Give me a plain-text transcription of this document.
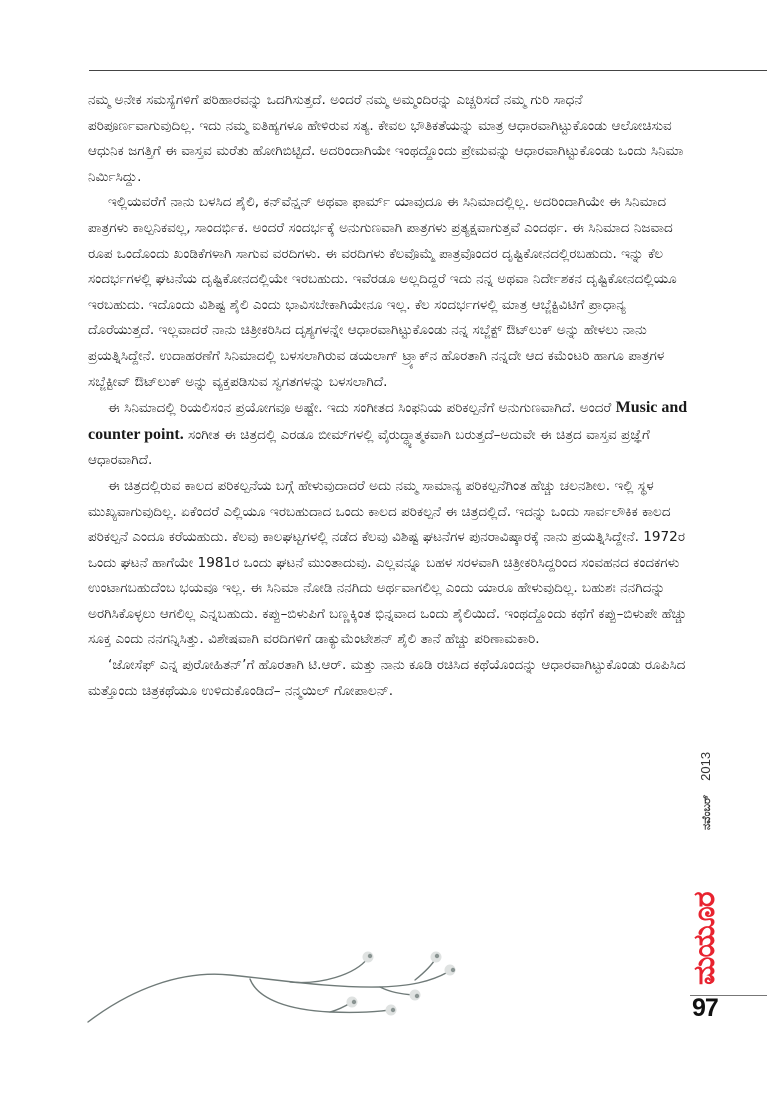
ನಮ್ಮ ಅನೇಕ ಸಮಸ್ಯೆಗಳಿಗೆ ಪರಿಹಾರವನ್ನು ಒದಗಿಸುತ್ತದೆ. ಅಂದರೆ ನಮ್ಮ ಅಮ್ಮಂದಿರನ್ನು ಎಚ್ಚರಿಸದೆ ನಮ್ಮ ಗುರಿ ಸಾಧನೆ ಪರಿಪೂರ್ಣವಾಗುವುದಿಲ್ಲ. ಇದು ನಮ್ಮ ಐತಿಹ್ಯಗಳೂ ಹೇಳಿರುವ ಸತ್ಯ. ಕೇವಲ ಭೌತಿಕತೆಯನ್ನು ಮಾತ್ರ ಆಧಾರವಾಗಿಟ್ಟುಕೊಂಡು ಆಲೋಚಿಸುವ ಆಧುನಿಕ ಜಗತ್ತಿಗೆ ಈ ವಾಸ್ತವ ಮರೆತು ಹೋಗಿಬಿಟ್ಟಿದೆ. ಅದರಿಂದಾಗಿಯೇ ಇಂಥದ್ದೊಂದು ಪ್ರೇಮವನ್ನು ಆಧಾರವಾಗಿಟ್ಟುಕೊಂಡು ಒಂದು ಸಿನಿಮಾ ನಿರ್ಮಿಸಿದ್ದು.

ಇಲ್ಲಿಯವರೆಗೆ ನಾನು ಬಳಸಿದ ಶೈಲಿ, ಕನ್‌ವೆನ್ಷನ್ ಅಥವಾ ಫಾರ್ಮ್ ಯಾವುದೂ ಈ ಸಿನಿಮಾದಲ್ಲಿಲ್ಲ. ಅದರಿಂದಾಗಿಯೇ ಈ ಸಿನಿಮಾದ ಪಾತ್ರಗಳು ಕಾಲ್ಪನಿಕವಲ್ಲ, ಸಾಂದರ್ಭಿಕ. ಅಂದರೆ ಸಂದರ್ಭಕ್ಕೆ ಅನುಗುಣವಾಗಿ ಪಾತ್ರಗಳು ಪ್ರತ್ಯಕ್ಷವಾಗುತ್ತವೆ ಎಂದರ್ಥ. ಈ ಸಿನಿಮಾದ ನಿಜವಾದ ರೂಪ ಒಂದೊಂದು ಖಂಡಿಕೆಗಳಾಗಿ ಸಾಗುವ ವರದಿಗಳು. ಈ ವರದಿಗಳು ಕೆಲವೊಮ್ಮೆ ಪಾತ್ರವೊಂದರ ದೃಷ್ಟಿಕೋನದಲ್ಲಿರಬಹುದು. ಇನ್ನು ಕೆಲ ಸಂದರ್ಭಗಳಲ್ಲಿ ಘಟನೆಯ ದೃಷ್ಟಿಕೋನದಲ್ಲಿಯೇ ಇರಬಹುದು. ಇವೆರಡೂ ಅಲ್ಲದಿದ್ದರೆ ಇದು ನನ್ನ ಅಥವಾ ನಿರ್ದೇಶಕನ ದೃಷ್ಟಿಕೋನದಲ್ಲಿಯೂ ಇರಬಹುದು. ಇದೊಂದು ವಿಶಿಷ್ಟ ಶೈಲಿ ಎಂದು ಭಾವಿಸಬೇಕಾಗಿಯೇನೂ ಇಲ್ಲ. ಕೆಲ ಸಂದರ್ಭಗಳಲ್ಲಿ ಮಾತ್ರ ಆಬ್ಜೆಕ್ಟಿವಿಟಿಗೆ ಪ್ರಾಧಾನ್ಯ ದೊರೆಯುತ್ತದೆ. ಇಲ್ಲವಾದರೆ ನಾನು ಚಿತ್ರೀಕರಿಸಿದ ದೃಶ್ಯಗಳನ್ನೇ ಆಧಾರವಾಗಿಟ್ಟುಕೊಂಡು ನನ್ನ ಸಬ್ಜೆಕ್ಟ್ ಔಟ್‌ಲುಕ್ ಅನ್ನು ಹೇಳಲು ನಾನು ಪ್ರಯತ್ನಿಸಿದ್ದೇನೆ. ಉದಾಹರಣೆಗೆ ಸಿನಿಮಾದಲ್ಲಿ ಬಳಸಲಾಗಿರುವ ಡಯಲಾಗ್ ಟ್ರ್ಯಾಕ್‌ನ ಹೊರತಾಗಿ ನನ್ನದೇ ಆದ ಕಮೆಂಟರಿ ಹಾಗೂ ಪಾತ್ರಗಳ ಸಬ್ಜೆಕ್ಟೀವ್ ಔಟ್‌ಲುಕ್ ಅನ್ನು ವ್ಯಕ್ತಪಡಿಸುವ ಸ್ವಗತಗಳನ್ನು ಬಳಸಲಾಗಿದೆ.

ಈ ಸಿನಿಮಾದಲ್ಲಿ ರಿಯಲಿಸಂನ ಪ್ರಯೋಗವೂ ಅಷ್ಟೇ. ಇದು ಸಂಗೀತದ ಸಿಂಫನಿಯ ಪರಿಕಲ್ಪನೆಗೆ ಅನುಗುಣವಾಗಿದೆ. ಅಂದರೆ Music and counter point. ಸಂಗೀತ ಈ ಚಿತ್ರದಲ್ಲಿ ಎರಡೂ ಬೀಮ್‌ಗಳಲ್ಲಿ ವೈರುದ್ಧ್ಯಾತ್ಮಕವಾಗಿ ಬರುತ್ತದೆ–ಅದುವೇ ಈ ಚಿತ್ರದ ವಾಸ್ತವ ಪ್ರಜ್ಞೆಗೆ ಆಧಾರವಾಗಿದೆ.

ಈ ಚಿತ್ರದಲ್ಲಿರುವ ಕಾಲದ ಪರಿಕಲ್ಪನೆಯ ಬಗ್ಗೆ ಹೇಳುವುದಾದರೆ ಅದು ನಮ್ಮ ಸಾಮಾನ್ಯ ಪರಿಕಲ್ಪನೆಗಿಂತ ಹೆಚ್ಚು ಚಲನಶೀಲ. ಇಲ್ಲಿ ಸ್ಥಳ ಮುಖ್ಯವಾಗುವುದಿಲ್ಲ. ಏಕೆಂದರೆ ಎಲ್ಲಿಯೂ ಇರಬಹುದಾದ ಒಂದು ಕಾಲದ ಪರಿಕಲ್ಪನೆ ಈ ಚಿತ್ರದಲ್ಲಿದೆ. ಇದನ್ನು ಒಂದು ಸಾರ್ವಲೌಕಿಕ ಕಾಲದ ಪರಿಕಲ್ಪನೆ ಎಂದೂ ಕರೆಯಹುದು. ಕೆಲವು ಕಾಲಘಟ್ಟಗಳಲ್ಲಿ ನಡೆದ ಕೆಲವು ವಿಶಿಷ್ಟ ಘಟನೆಗಳ ಪುನರಾವಿಷ್ಕಾರಕ್ಕೆ ನಾನು ಪ್ರಯತ್ನಿಸಿದ್ದೇನೆ. 1972ರ ಒಂದು ಘಟನೆ ಹಾಗೆಯೇ 1981ರ ಒಂದು ಘಟನೆ ಮುಂತಾದುವು. ಎಲ್ಲವನ್ನೂ ಬಹಳ ಸರಳವಾಗಿ ಚಿತ್ರೀಕರಿಸಿದ್ದರಿಂದ ಸಂವಹನದ ಕಂದಕಗಳು ಉಂಟಾಗಬಹುದೆಂಬ ಭಯವೂ ಇಲ್ಲ. ಈ ಸಿನಿಮಾ ನೋಡಿ ನನಗಿದು ಅರ್ಥವಾಗಲಿಲ್ಲ ಎಂದು ಯಾರೂ ಹೇಳುವುದಿಲ್ಲ. ಬಹುಶಃ ನನಗಿದನ್ನು ಅರಗಿಸಿಕೊಳ್ಳಲು ಆಗಲಿಲ್ಲ ಎನ್ನಬಹುದು. ಕಪ್ಪು–ಬಿಳುಪಿಗೆ ಬಣ್ಣಕ್ಕಿಂತ ಭಿನ್ನವಾದ ಒಂದು ಶೈಲಿಯಿದೆ. ಇಂಥದ್ದೊಂದು ಕಥೆಗೆ ಕಪ್ಪು–ಬಿಳುಪೇ ಹೆಚ್ಚು ಸೂಕ್ತ ಎಂದು ನನಗನ್ನಿಸಿತ್ತು. ವಿಶೇಷವಾಗಿ ವರದಿಗಳಿಗೆ ಡಾಕ್ಯುಮೆಂಟೇಶನ್ ಶೈಲಿ ತಾನೆ ಹೆಚ್ಚು ಪರಿಣಾಮಕಾರಿ.

‘ಜೋಸೆಫ್ ಎನ್ನ ಪುರೋಹಿತನ್’ಗೆ ಹೊರತಾಗಿ ಟಿ.ಆರ್. ಮತ್ತು ನಾನು ಕೂಡಿ ರಚಿಸಿದ ಕಥೆಯೊಂದನ್ನು ಆಧಾರವಾಗಿಟ್ಟುಕೊಂಡು ರೂಪಿಸಿದ ಮತ್ತೊಂದು ಚಿತ್ರಕಥೆಯೂ ಉಳಿದುಕೊಂಡಿದೆ– ನನ್ಮಯಿಲ್ ಗೋಪಾಲನ್.

ನವೆಂಬರ್ 2013
ಮಯೂರ
97
